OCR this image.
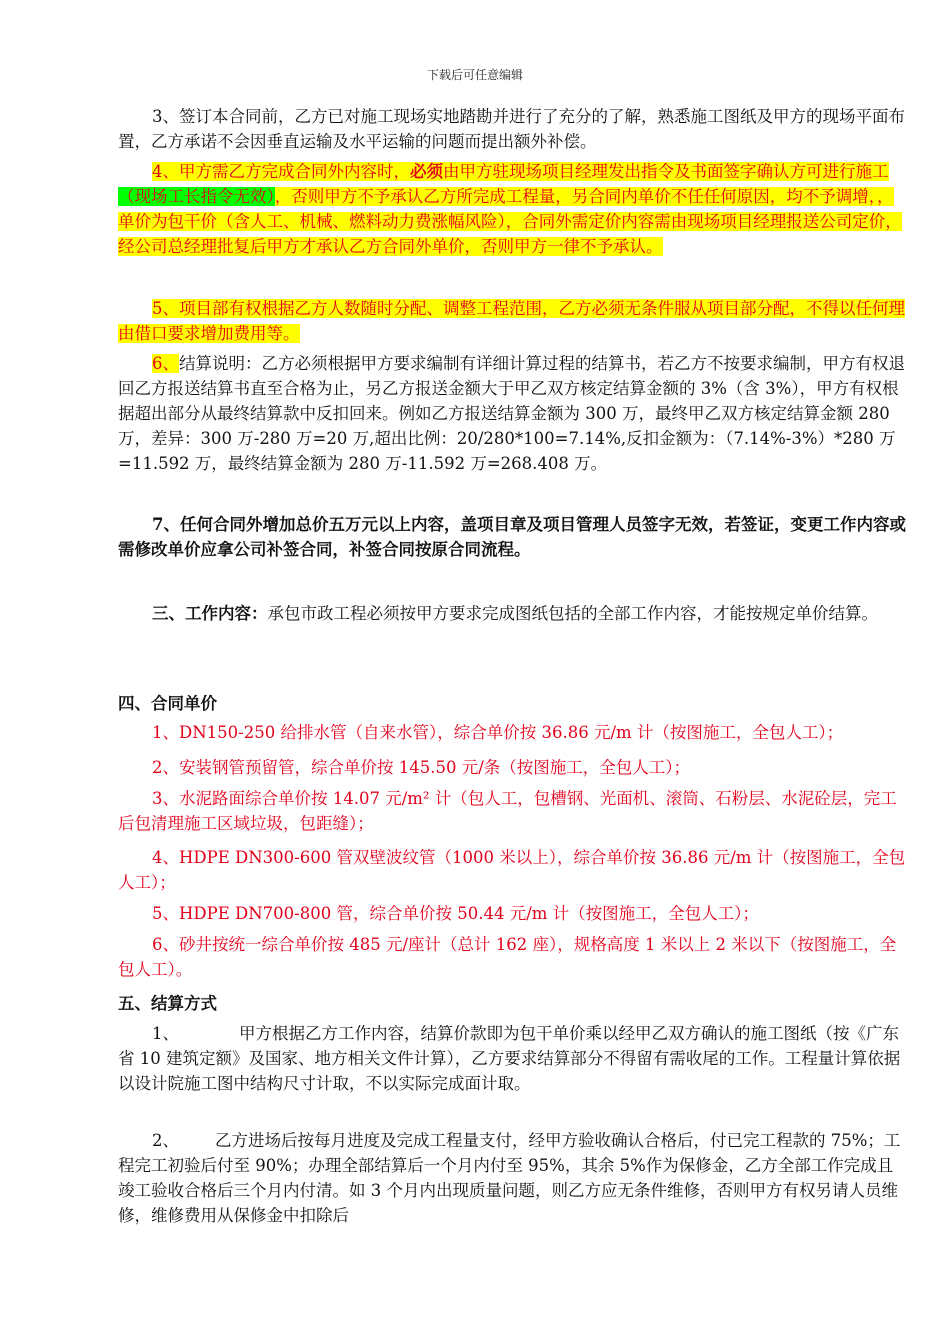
下载后可任意编辑

3、签订本合同前，乙方已对施工现场实地踏勘并进行了充分的了解，熟悉施工图纸及甲方的现场平面布置，乙方承诺不会因垂直运输及水平运输的问题而提出额外补偿。

4、甲方需乙方完成合同外内容时，必须由甲方驻现场项目经理发出指令及书面签字确认方可进行施工（现场工长指令无效），否则甲方不予承认乙方所完成工程量，另合同内单价不任任何原因，均不予调增，，单价为包干价（含人工、机械、燃料动力费涨幅风险），合同外需定价内容需由现场项目经理报送公司定价，经公司总经理批复后甲方才承认乙方合同外单价，否则甲方一律不予承认。

5、项目部有权根据乙方人数随时分配、调整工程范围，乙方必须无条件服从项目部分配，不得以任何理由借口要求增加费用等。

6、结算说明：乙方必须根据甲方要求编制有详细计算过程的结算书，若乙方不按要求编制，甲方有权退回乙方报送结算书直至合格为止，另乙方报送金额大于甲乙双方核定结算金额的 3%（含 3%），甲方有权根据超出部分从最终结算款中反扣回来。例如乙方报送结算金额为 300 万，最终甲乙双方核定结算金额 280 万，差异：300 万-280 万=20 万,超出比例：20/280*100=7.14%,反扣金额为：（7.14%-3%）*280 万=11.592 万，最终结算金额为 280 万-11.592 万=268.408 万。

7、任何合同外增加总价五万元以上内容，盖项目章及项目管理人员签字无效，若签证，变更工作内容或需修改单价应拿公司补签合同，补签合同按原合同流程。

三、工作内容：承包市政工程必须按甲方要求完成图纸包括的全部工作内容，才能按规定单价结算。

四、合同单价

1、DN150-250 给排水管（自来水管），综合单价按 36.86 元/m 计（按图施工，全包人工）；

2、安装钢管预留管，综合单价按 145.50 元/条（按图施工，全包人工）；

3、水泥路面综合单价按 14.07 元/m² 计（包人工，包槽钢、光面机、滚筒、石粉层、水泥砼层，完工后包清理施工区域垃圾，包距缝）；

4、HDPE DN300-600 管双壁波纹管（1000 米以上），综合单价按 36.86 元/m 计（按图施工，全包人工）；

5、HDPE DN700-800 管，综合单价按 50.44 元/m 计（按图施工，全包人工）；

6、砂井按统一综合单价按 485 元/座计（总计 162 座），规格高度 1 米以上 2 米以下（按图施工，全包人工）。

五、结算方式

1、	甲方根据乙方工作内容，结算价款即为包干单价乘以经甲乙双方确认的施工图纸（按《广东省 10 建筑定额》及国家、地方相关文件计算），乙方要求结算部分不得留有需收尾的工作。工程量计算依据以设计院施工图中结构尺寸计取，不以实际完成面计取。

2、 乙方进场后按每月进度及完成工程量支付，经甲方验收确认合格后，付已完工程款的 75%；工程完工初验后付至 90%；办理全部结算后一个月内付至 95%，其余 5%作为保修金，乙方全部工作完成且竣工验收合格后三个月内付清。如 3 个月内出现质量问题，则乙方应无条件维修，否则甲方有权另请人员维修，维修费用从保修金中扣除后
